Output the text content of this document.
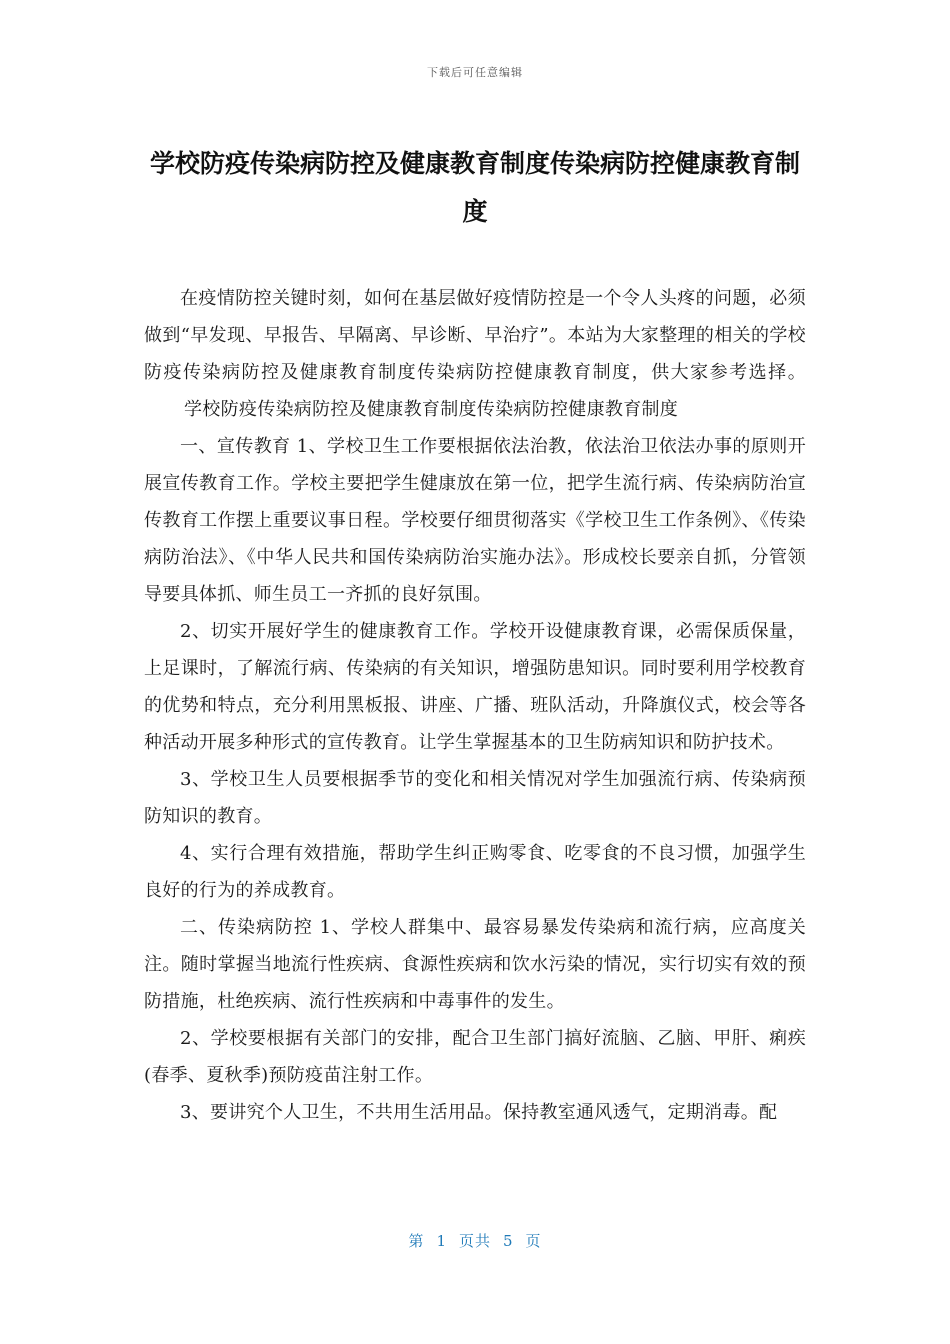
下载后可任意编辑
学校防疫传染病防控及健康教育制度传染病防控健康教育制度

在疫情防控关键时刻，如何在基层做好疫情防控是一个令人头疼的问题，必须做到“早发现、早报告、早隔离、早诊断、早治疗”。本站为大家整理的相关的学校防疫传染病防控及健康教育制度传染病防控健康教育制度，供大家参考选择。学校防疫传染病防控及健康教育制度传染病防控健康教育制度

一、宣传教育 1、学校卫生工作要根据依法治教，依法治卫依法办事的原则开展宣传教育工作。学校主要把学生健康放在第一位，把学生流行病、传染病防治宣传教育工作摆上重要议事日程。学校要仔细贯彻落实《学校卫生工作条例》、《传染病防治法》、《中华人民共和国传染病防治实施办法》。形成校长要亲自抓，分管领导要具体抓、师生员工一齐抓的良好氛围。

2、切实开展好学生的健康教育工作。学校开设健康教育课，必需保质保量，上足课时，了解流行病、传染病的有关知识，增强防患知识。同时要利用学校教育的优势和特点，充分利用黑板报、讲座、广播、班队活动，升降旗仪式，校会等各种活动开展多种形式的宣传教育。让学生掌握基本的卫生防病知识和防护技术。

3、学校卫生人员要根据季节的变化和相关情况对学生加强流行病、传染病预防知识的教育。

4、实行合理有效措施，帮助学生纠正购零食、吃零食的不良习惯，加强学生良好的行为的养成教育。

二、传染病防控 1、学校人群集中、最容易暴发传染病和流行病，应高度关注。随时掌握当地流行性疾病、食源性疾病和饮水污染的情况，实行切实有效的预防措施，杜绝疾病、流行性疾病和中毒事件的发生。

2、学校要根据有关部门的安排，配合卫生部门搞好流脑、乙脑、甲肝、痢疾(春季、夏秋季)预防疫苗注射工作。

3、要讲究个人卫生，不共用生活用品。保持教室通风透气，定期消毒。配

第 1 页共 5 页
